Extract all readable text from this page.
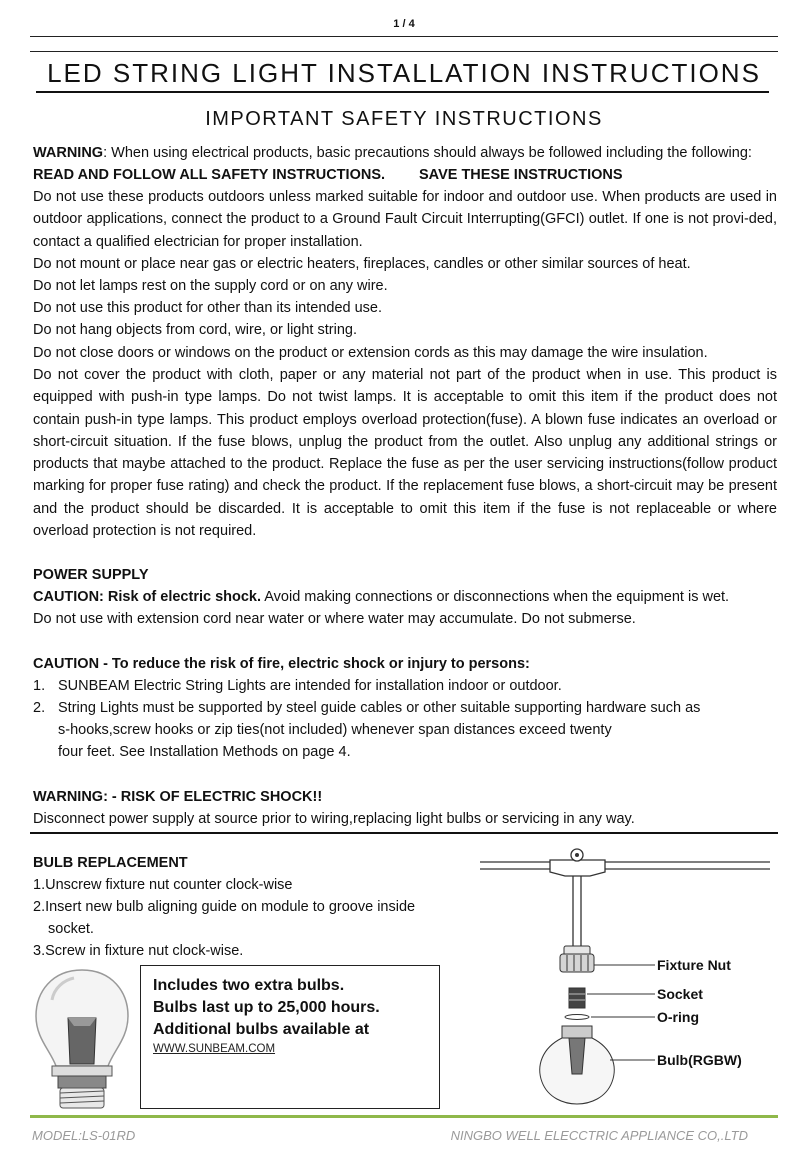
1 / 4
LED STRING LIGHT INSTALLATION INSTRUCTIONS
IMPORTANT SAFETY INSTRUCTIONS
WARNING: When using electrical products, basic precautions should always be followed including the following:
READ AND FOLLOW ALL SAFETY INSTRUCTIONS. SAVE THESE INSTRUCTIONS
Do not use these products outdoors unless marked suitable for indoor and outdoor use. When products are used in outdoor applications, connect the product to a Ground Fault Circuit Interrupting(GFCI) outlet. If one is not provi-ded, contact a qualified electrician for proper installation.
Do not mount or place near gas or electric heaters, fireplaces, candles or other similar sources of heat.
Do not let lamps rest on the supply cord or on any wire.
Do not use this product for other than its intended use.
Do not hang objects from cord, wire, or light string.
Do not close doors or windows on the product or extension cords as this may damage the wire insulation.
Do not cover the product with cloth, paper or any material not part of the product when in use. This product is equipped with push-in type lamps. Do not twist lamps. It is acceptable to omit this item if the product does not contain push-in type lamps. This product employs overload protection(fuse). A blown fuse indicates an overload or short-circuit situation. If the fuse blows, unplug the product from the outlet. Also unplug any additional strings or products that maybe attached to the product. Replace the fuse as per the user servicing instructions(follow product marking for proper fuse rating) and check the product. If the replacement fuse blows, a short-circuit may be present and the product should be discarded. It is acceptable to omit this item if the fuse is not replaceable or where overload protection is not required.
POWER SUPPLY
CAUTION: Risk of electric shock. Avoid making connections or disconnections when the equipment is wet.
Do not use with extension cord near water or where water may accumulate. Do not submerse.
CAUTION - To reduce the risk of fire, electric shock or injury to persons:
1. SUNBEAM Electric String Lights are intended for installation indoor or outdoor.
2. String Lights must be supported by steel guide cables or other suitable supporting hardware such as
s-hooks,screw hooks or zip ties(not included) whenever span distances exceed twenty
four feet. See Installation Methods on page 4.
WARNING: - RISK OF ELECTRIC SHOCK!!
Disconnect power supply at source prior to wiring,replacing light bulbs or servicing in any way.
BULB REPLACEMENT
1.Unscrew fixture nut counter clock-wise
2.Insert new bulb aligning guide on module to groove inside
socket.
3.Screw in fixture nut clock-wise.
Includes two extra bulbs.
Bulbs last up to 25,000 hours.
Additional bulbs available at
WWW.SUNBEAM.COM
Fixture Nut
Socket
O-ring
Bulb(RGBW)
MODEL:LS-01RD	NINGBO WELL ELECCTRIC APPLIANCE CO,.LTD
